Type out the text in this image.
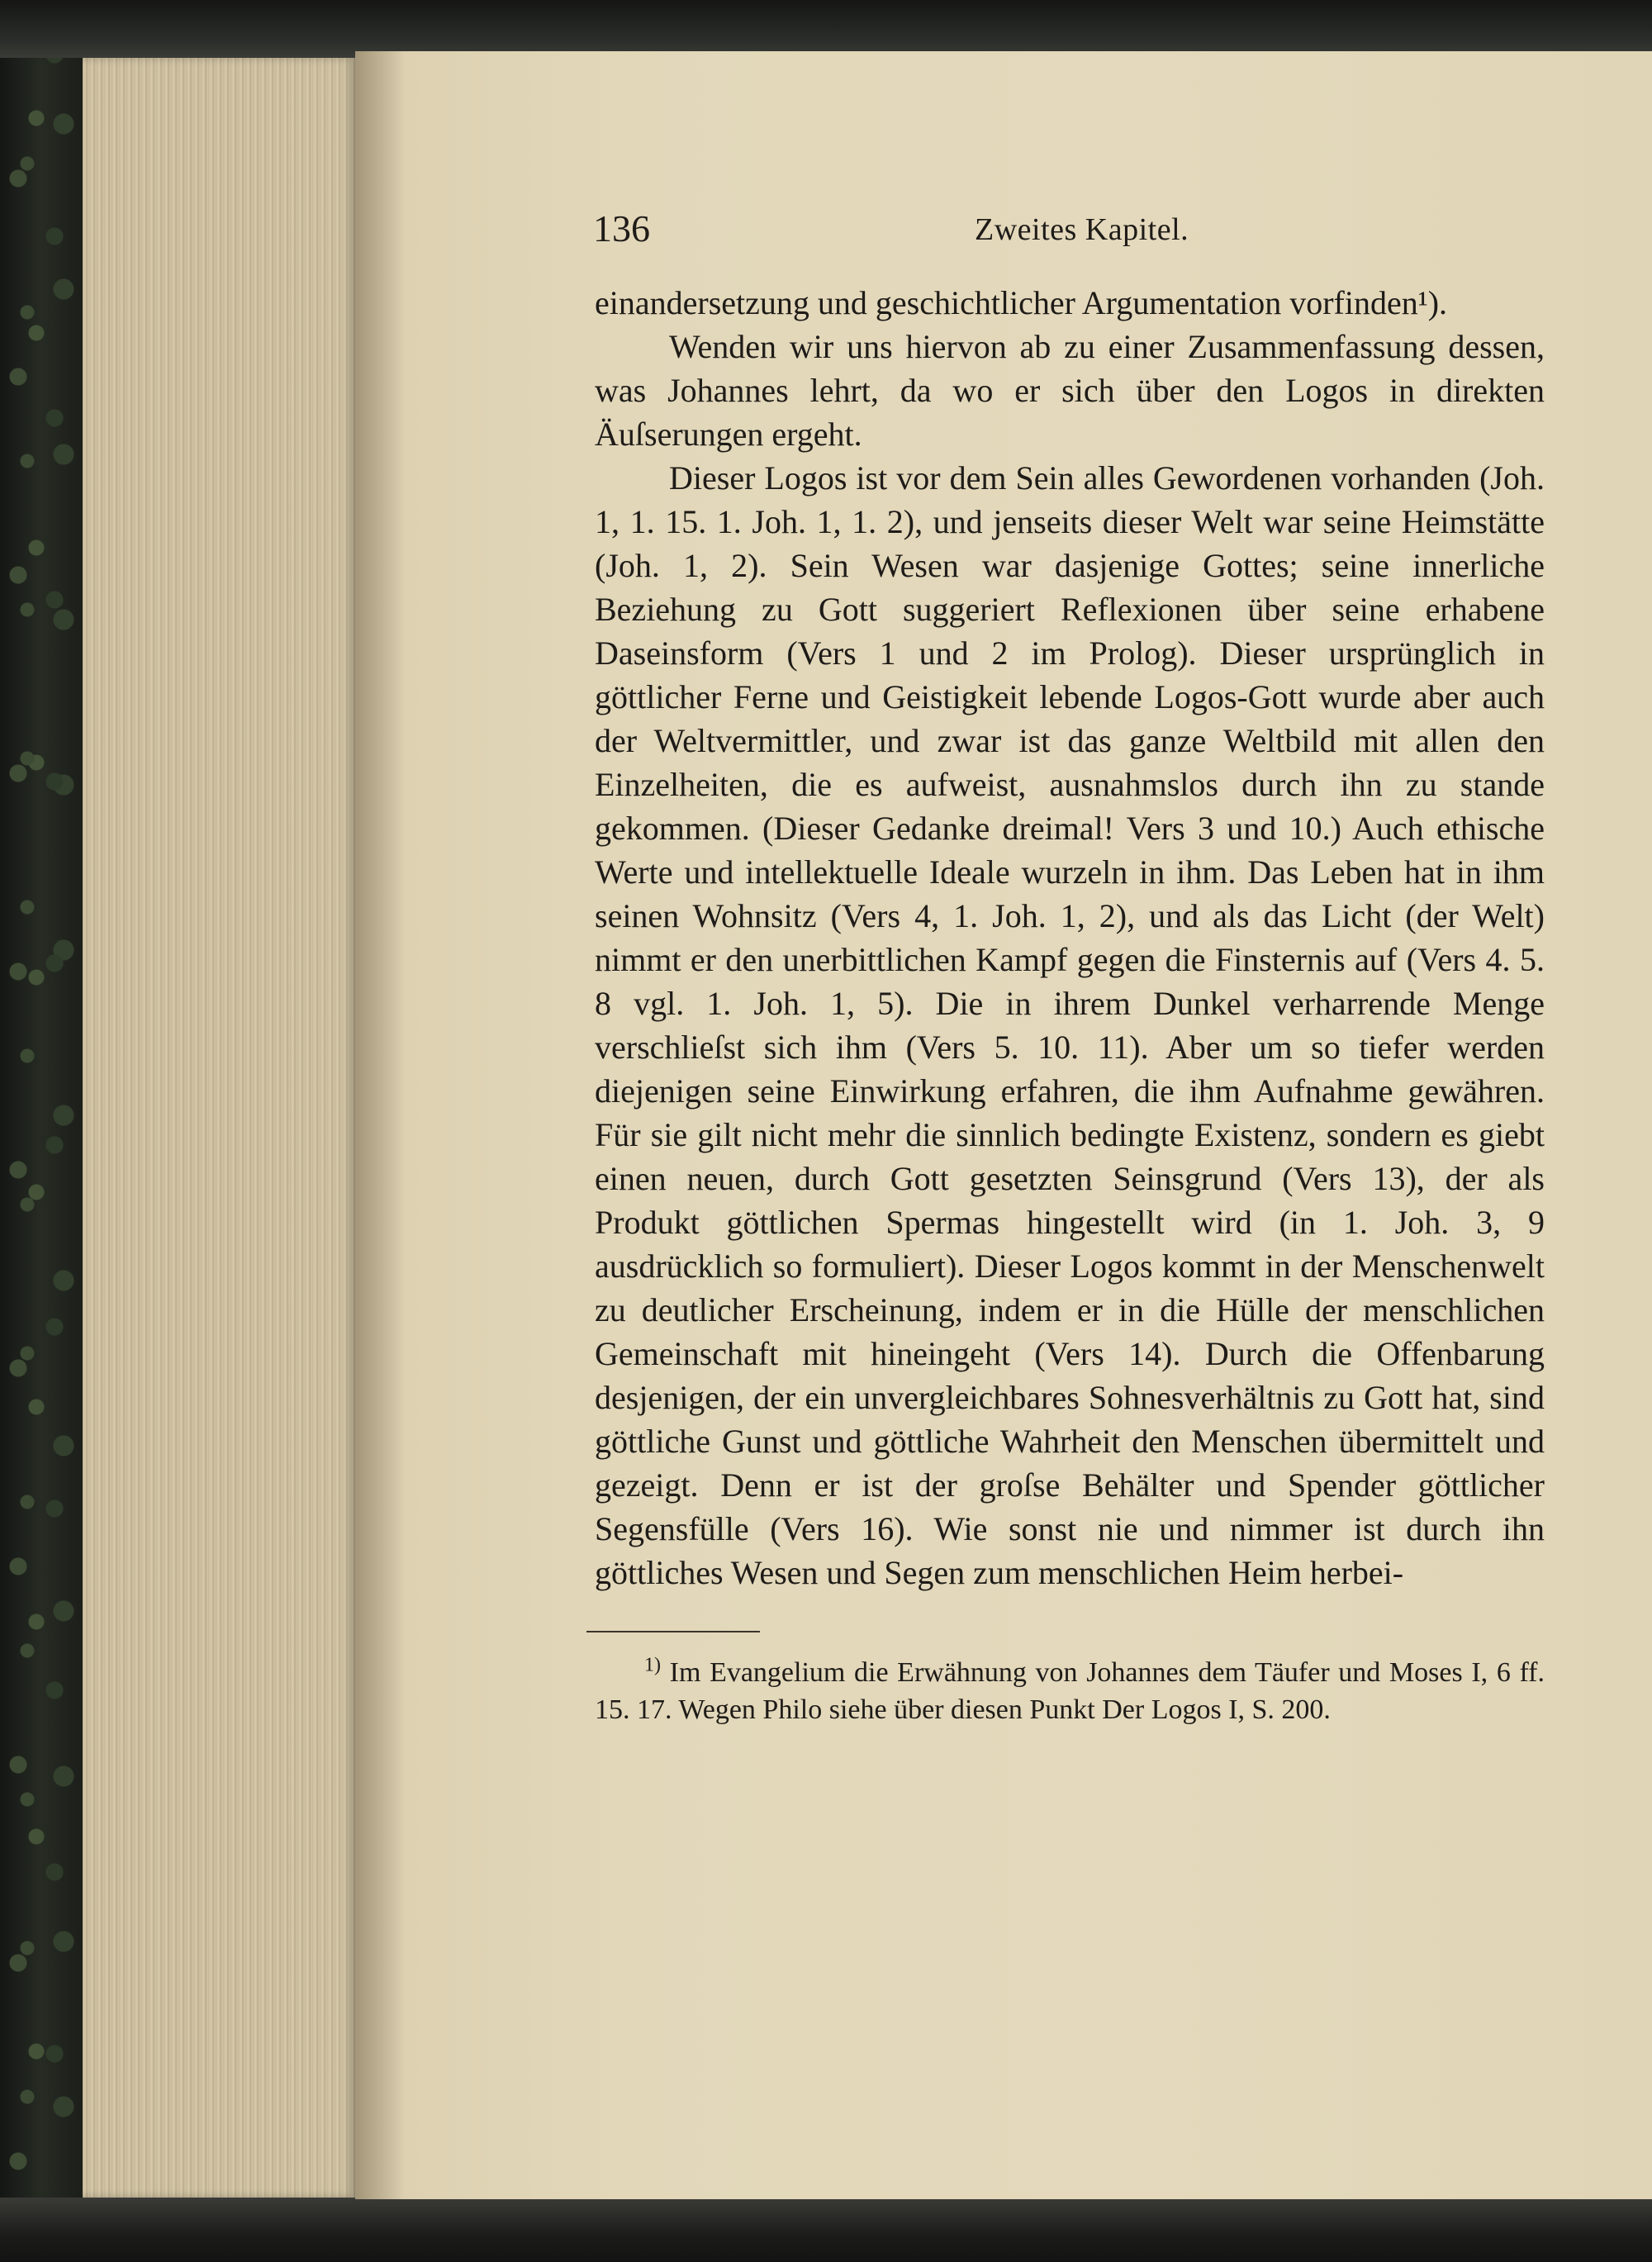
136	Zweites Kapitel.

einandersetzung und geschichtlicher Argumentation vorfinden¹).

Wenden wir uns hiervon ab zu einer Zusammenfassung dessen, was Johannes lehrt, da wo er sich über den Logos in direkten Äuſserungen ergeht.

Dieser Logos ist vor dem Sein alles Gewordenen vorhanden (Joh. 1, 1. 15. 1. Joh. 1, 1. 2), und jenseits dieser Welt war seine Heimstätte (Joh. 1, 2). Sein Wesen war dasjenige Gottes; seine innerliche Beziehung zu Gott suggeriert Reflexionen über seine erhabene Daseinsform (Vers 1 und 2 im Prolog). Dieser ursprünglich in göttlicher Ferne und Geistigkeit lebende Logos-Gott wurde aber auch der Weltvermittler, und zwar ist das ganze Weltbild mit allen den Einzelheiten, die es aufweist, ausnahmslos durch ihn zu stande gekommen. (Dieser Gedanke dreimal! Vers 3 und 10.) Auch ethische Werte und intellektuelle Ideale wurzeln in ihm. Das Leben hat in ihm seinen Wohnsitz (Vers 4, 1. Joh. 1, 2), und als das Licht (der Welt) nimmt er den unerbittlichen Kampf gegen die Finsternis auf (Vers 4. 5. 8 vgl. 1. Joh. 1, 5). Die in ihrem Dunkel verharrende Menge verschlieſst sich ihm (Vers 5. 10. 11). Aber um so tiefer werden diejenigen seine Einwirkung erfahren, die ihm Aufnahme gewähren. Für sie gilt nicht mehr die sinnlich bedingte Existenz, sondern es giebt einen neuen, durch Gott gesetzten Seinsgrund (Vers 13), der als Produkt göttlichen Spermas hingestellt wird (in 1. Joh. 3, 9 ausdrücklich so formuliert). Dieser Logos kommt in der Menschenwelt zu deutlicher Erscheinung, indem er in die Hülle der menschlichen Gemeinschaft mit hineingeht (Vers 14). Durch die Offenbarung desjenigen, der ein unvergleichbares Sohnesverhältnis zu Gott hat, sind göttliche Gunst und göttliche Wahrheit den Menschen übermittelt und gezeigt. Denn er ist der groſse Behälter und Spender göttlicher Segensfülle (Vers 16). Wie sonst nie und nimmer ist durch ihn göttliches Wesen und Segen zum menschlichen Heim herbei-

$^{1)}$ Im Evangelium die Erwähnung von Johannes dem Täufer und Moses I, 6 ff. 15. 17. Wegen Philo siehe über diesen Punkt Der Logos I, S. 200.
